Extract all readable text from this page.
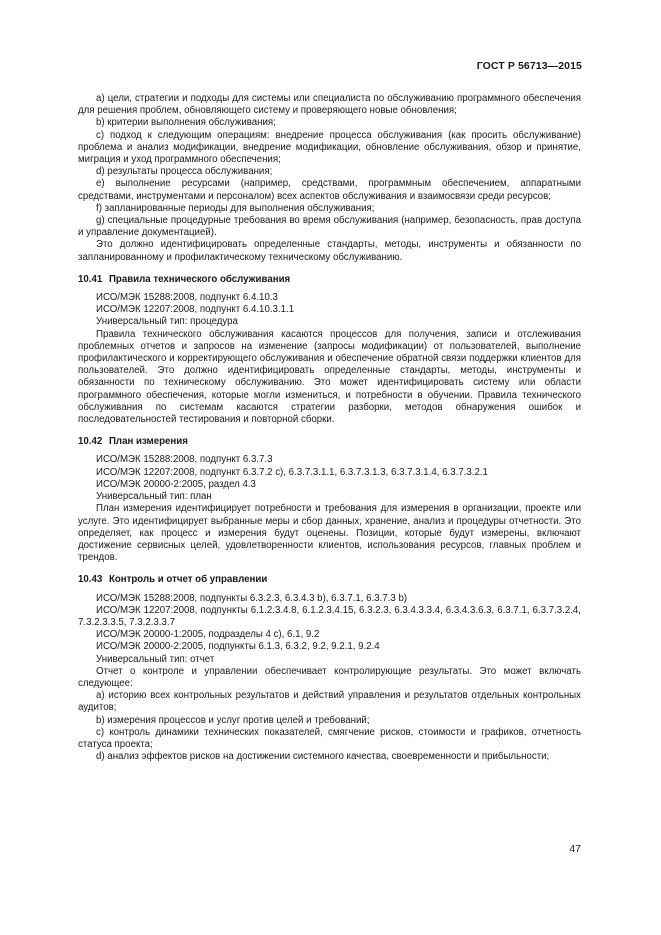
ГОСТ Р 56713—2015

a) цели, стратегии и подходы для системы или специалиста по обслуживанию программного обеспечения для решения проблем, обновляющего систему и проверяющего новые обновления;

b) критерии выполнения обслуживания;

c) подход к следующим операциям: внедрение процесса обслуживания (как просить обслуживание) проблема и анализ модификации, внедрение модификации, обновление обслуживания, обзор и принятие, миграция и уход программного обеспечения;

d) результаты процесса обслуживания;

e) выполнение ресурсами (например, средствами, программным обеспечением, аппаратными средствами, инструментами и персоналом) всех аспектов обслуживания и взаимосвязи среди ресурсов;

f) запланированные периоды для выполнения обслуживания;

g) специальные процедурные требования во время обслуживания (например, безопасность, прав доступа и управление документацией).

Это должно идентифицировать определенные стандарты, методы, инструменты и обязанности по запланированному и профилактическому техническому обслуживанию.

10.41 Правила технического обслуживания

ИСО/МЭК 15288:2008, подпункт 6.4.10.3

ИСО/МЭК 12207:2008, подпункт 6.4.10.3.1.1

Универсальный тип: процедура

Правила технического обслуживания касаются процессов для получения, записи и отслеживания проблемных отчетов и запросов на изменение (запросы модификации) от пользователей, выполнение профилактического и корректирующего обслуживания и обеспечение обратной связи поддержки клиентов для пользователей. Это должно идентифицировать определенные стандарты, методы, инструменты и обязанности по техническому обслуживанию. Это может идентифицировать систему или области программного обеспечения, которые могли измениться, и потребности в обучении. Правила технического обслуживания по системам касаются стратегии разборки, методов обнаружения ошибок и последовательностей тестирования и повторной сборки.

10.42 План измерения

ИСО/МЭК 15288:2008, подпункт 6.3.7.3

ИСО/МЭК 12207:2008, подпункт 6.3.7.2 c), 6.3.7.3.1.1, 6.3.7.3.1.3, 6.3.7.3.1.4, 6.3.7.3.2.1

ИСО/МЭК 20000-2:2005, раздел 4.3

Универсальный тип: план

План измерения идентифицирует потребности и требования для измерения в организации, проекте или услуге. Это идентифицирует выбранные меры и сбор данных, хранение, анализ и процедуры отчетности. Это определяет, как процесс и измерения будут оценены. Позиции, которые будут измерены, включают достижение сервисных целей, удовлетворенности клиентов, использования ресурсов, главных проблем и трендов.

10.43 Контроль и отчет об управлении

ИСО/МЭК 15288:2008, подпункты 6.3.2.3, 6.3.4.3 b), 6.3.7.1, 6.3.7.3 b)

ИСО/МЭК 12207:2008, подпункты 6.1.2.3.4.8, 6.1.2.3.4.15, 6.3.2.3, 6.3.4.3.3.4, 6.3.4.3.6.3, 6.3.7.1, 6.3.7.3.2.4, 7.3.2.3.3.5, 7.3.2.3.3.7

ИСО/МЭК 20000-1:2005, подразделы 4 c), 6.1, 9.2

ИСО/МЭК 20000-2:2005, подпункты 6.1.3, 6.3.2, 9.2, 9.2.1, 9.2.4

Универсальный тип: отчет

Отчет о контроле и управлении обеспечивает контролирующие результаты. Это может включать следующее:

a) историю всех контрольных результатов и действий управления и результатов отдельных контрольных аудитов;

b) измерения процессов и услуг против целей и требований;

c) контроль динамики технических показателей, смягчение рисков, стоимости и графиков, отчетность статуса проекта;

d) анализ эффектов рисков на достижении системного качества, своевременности и прибыльности;

47
